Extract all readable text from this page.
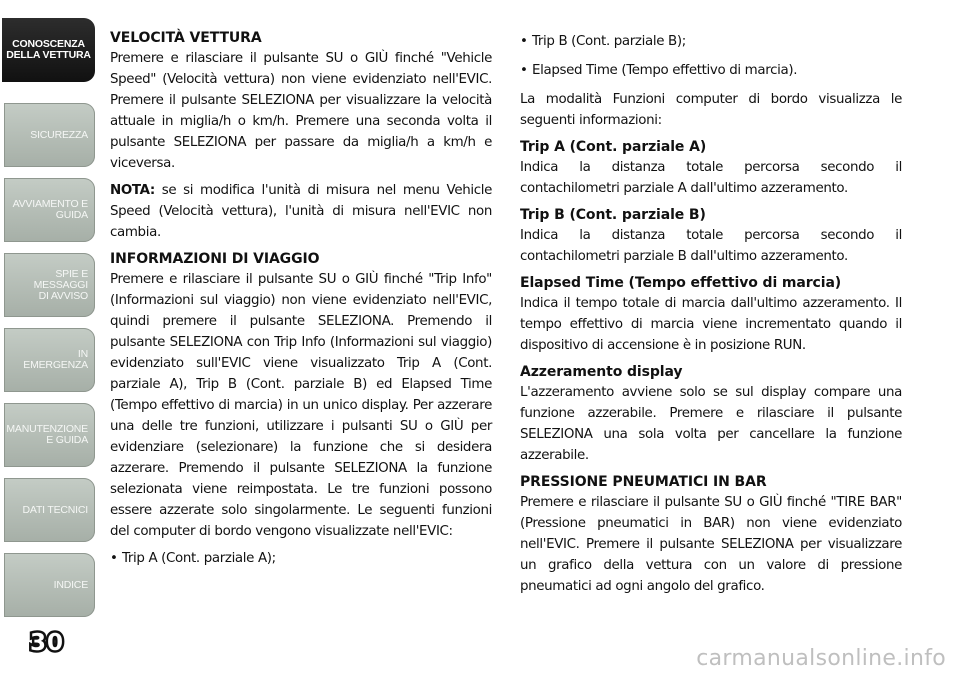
CONOSCENZA
DELLA VETTURA
SICUREZZA
AVVIAMENTO E
GUIDA
SPIE E
MESSAGGI
DI AVVISO
IN
EMERGENZA
MANUTENZIONE
E GUIDA
DATI TECNICI
INDICE
30
VELOCITÀ VETTURA

Premere e rilasciare il pulsante SU o GIÙ finché "Vehicle Speed" (Velocità vettura) non viene evidenziato nell'EVIC. Premere il pulsante SELEZIONA per visualizzare la velocità attuale in miglia/h o km/h. Premere una seconda volta il pulsante SELEZIONA per passare da miglia/h a km/h e viceversa.

NOTA: se si modifica l'unità di misura nel menu Vehicle Speed (Velocità vettura), l'unità di misura nell'EVIC non cambia.

INFORMAZIONI DI VIAGGIO

Premere e rilasciare il pulsante SU o GIÙ finché "Trip Info" (Informazioni sul viaggio) non viene evidenziato nell'EVIC, quindi premere il pulsante SELEZIONA. Premendo il pulsante SELEZIONA con Trip Info (Informazioni sul viaggio) evidenziato sull'EVIC viene visualizzato Trip A (Cont. parziale A), Trip B (Cont. parziale B) ed Elapsed Time (Tempo effettivo di marcia) in un unico display. Per azzerare una delle tre funzioni, utilizzare i pulsanti SU o GIÙ per evidenziare (selezionare) la funzione che si desidera azzerare. Premendo il pulsante SELEZIONA la funzione selezionata viene reimpostata. Le tre funzioni possono essere azzerate solo singolarmente. Le seguenti funzioni del computer di bordo vengono visualizzate nell'EVIC:

• Trip A (Cont. parziale A);
• Trip B (Cont. parziale B);
• Elapsed Time (Tempo effettivo di marcia).

La modalità Funzioni computer di bordo visualizza le seguenti informazioni:

Trip A (Cont. parziale A)

Indica la distanza totale percorsa secondo il contachilometri parziale A dall'ultimo azzeramento.

Trip B (Cont. parziale B)

Indica la distanza totale percorsa secondo il contachilometri parziale B dall'ultimo azzeramento.

Elapsed Time (Tempo effettivo di marcia)

Indica il tempo totale di marcia dall'ultimo azzeramento. Il tempo effettivo di marcia viene incrementato quando il dispositivo di accensione è in posizione RUN.

Azzeramento display

L'azzeramento avviene solo se sul display compare una funzione azzerabile. Premere e rilasciare il pulsante SELEZIONA una sola volta per cancellare la funzione azzerabile.

PRESSIONE PNEUMATICI IN BAR

Premere e rilasciare il pulsante SU o GIÙ finché "TIRE BAR" (Pressione pneumatici in BAR) non viene evidenziato nell'EVIC. Premere il pulsante SELEZIONA per visualizzare un grafico della vettura con un valore di pressione pneumatici ad ogni angolo del grafico.

carmanualsonline.info
